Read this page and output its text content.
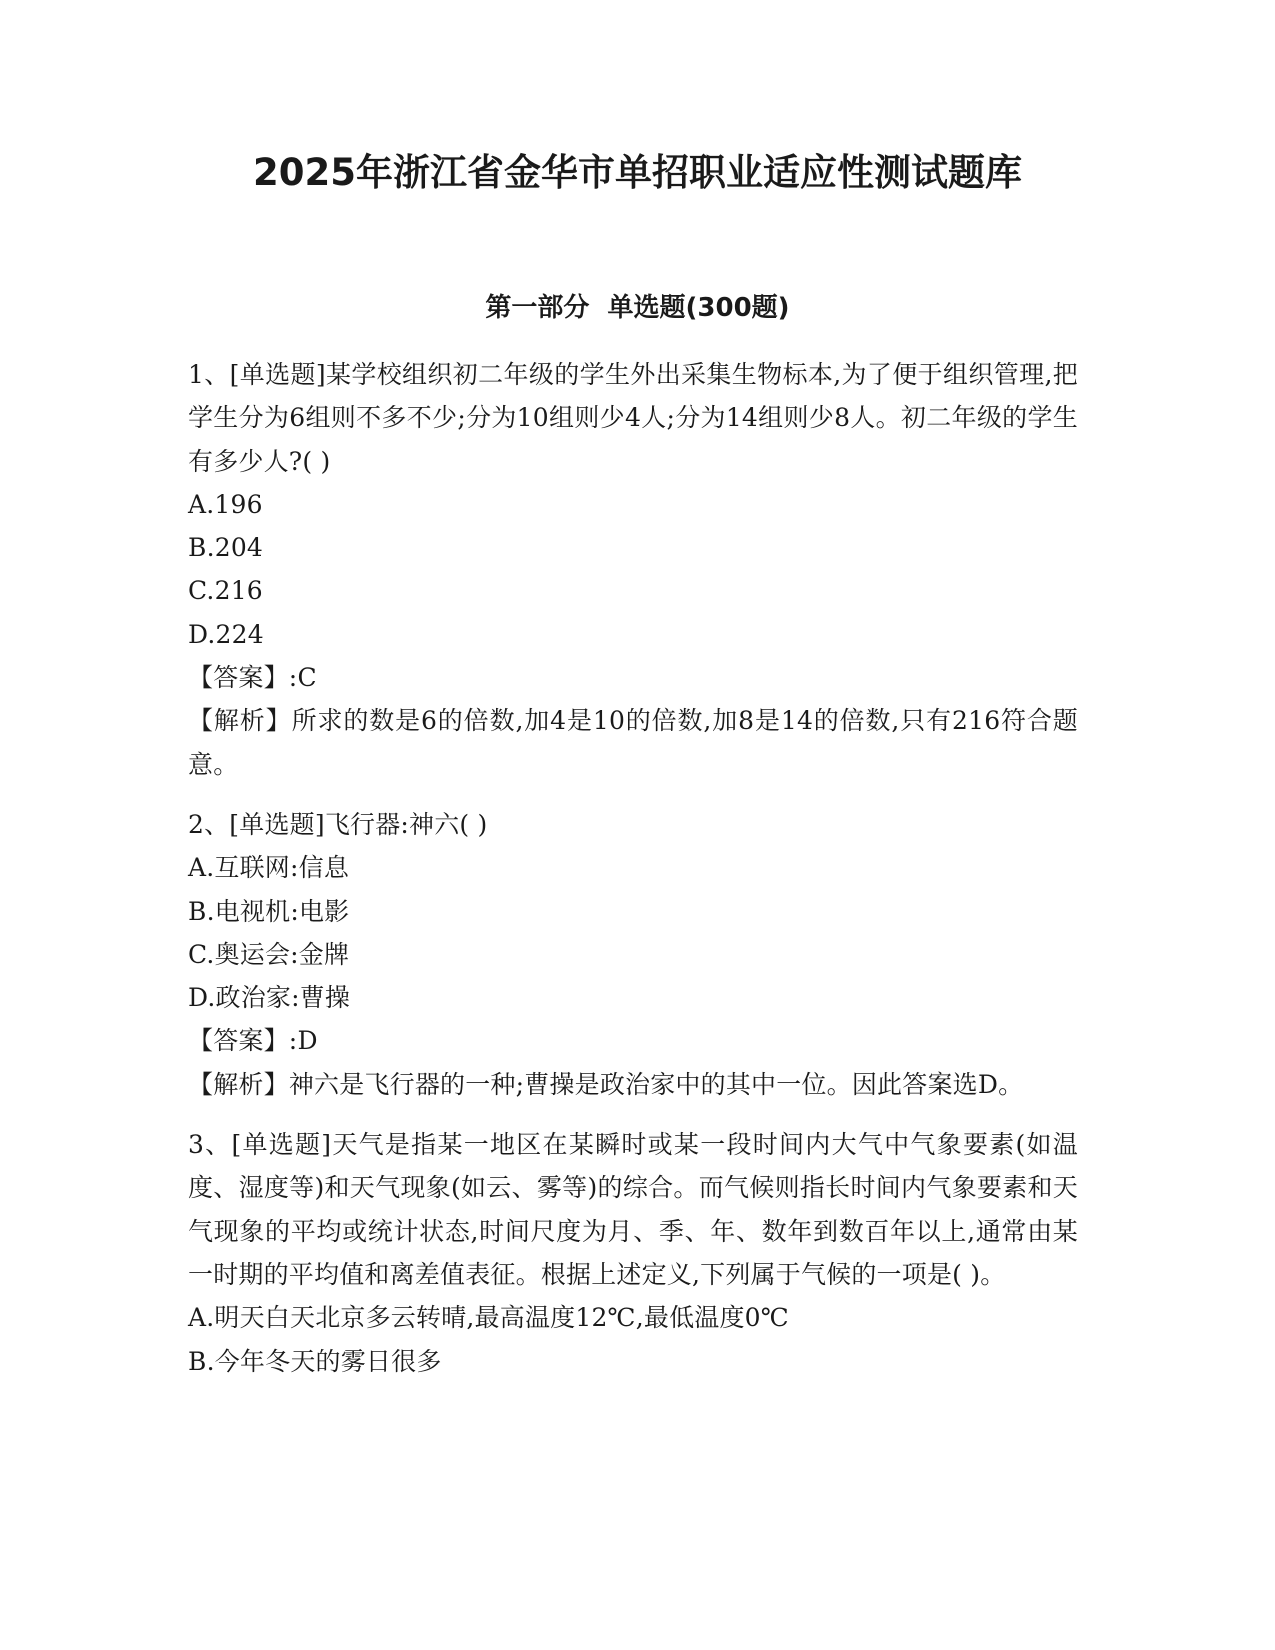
2025年浙江省金华市单招职业适应性测试题库
第一部分  单选题(300题)

1、[单选题]某学校组织初二年级的学生外出采集生物标本,为了便于组织管理,把学生分为6组则不多不少;分为10组则少4人;分为14组则少8人。初二年级的学生有多少人?( )

A.196

B.204

C.216

D.224

【答案】:C

【解析】所求的数是6的倍数,加4是10的倍数,加8是14的倍数,只有216符合题意。

2、[单选题]飞行器:神六( )

A.互联网:信息

B.电视机:电影

C.奥运会:金牌

D.政治家:曹操

【答案】:D

【解析】神六是飞行器的一种;曹操是政治家中的其中一位。因此答案选D。

3、[单选题]天气是指某一地区在某瞬时或某一段时间内大气中气象要素(如温度、湿度等)和天气现象(如云、雾等)的综合。而气候则指长时间内气象要素和天气现象的平均或统计状态,时间尺度为月、季、年、数年到数百年以上,通常由某一时期的平均值和离差值表征。根据上述定义,下列属于气候的一项是( )。

A.明天白天北京多云转晴,最高温度12℃,最低温度0℃

B.今年冬天的雾日很多
